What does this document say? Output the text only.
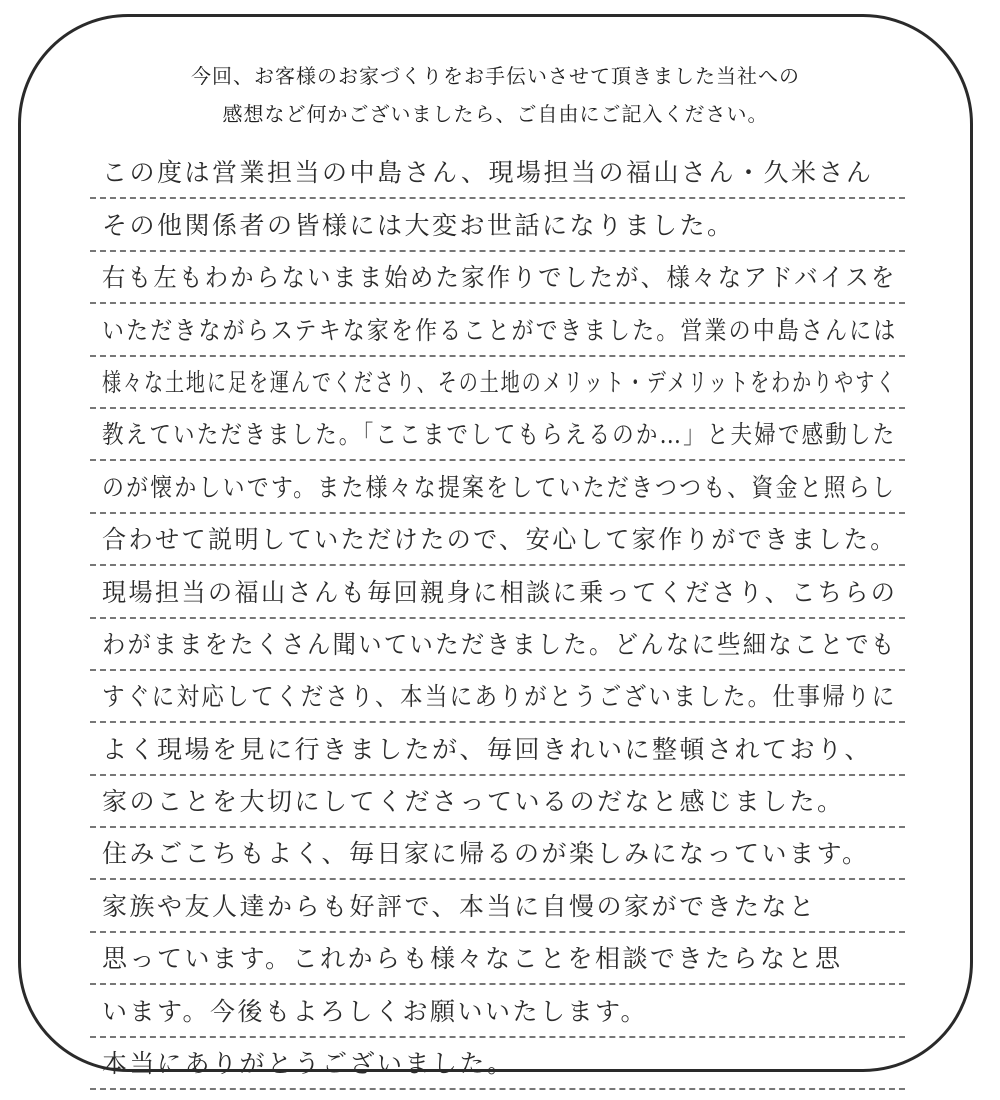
今回、お客様のお家づくりをお手伝いさせて頂きました当社への
感想など何かございましたら、ご自由にご記入ください。
この度は営業担当の中島さん、現場担当の福山さん・久米さん
その他関係者の皆様には大変お世話になりました。
右も左もわからないまま始めた家作りでしたが、様々なアドバイスを
いただきながらステキな家を作ることができました。営業の中島さんには
様々な土地に足を運んでくださり、その土地のメリット・デメリットをわかりやすく
教えていただきました。「ここまでしてもらえるのか…」と夫婦で感動した
のが懐かしいです。また様々な提案をしていただきつつも、資金と照らし
合わせて説明していただけたので、安心して家作りができました。
現場担当の福山さんも毎回親身に相談に乗ってくださり、こちらの
わがままをたくさん聞いていただきました。どんなに些細なことでも
すぐに対応してくださり、本当にありがとうございました。仕事帰りに
よく現場を見に行きましたが、毎回きれいに整頓されており、
家のことを大切にしてくださっているのだなと感じました。
住みごこちもよく、毎日家に帰るのが楽しみになっています。
家族や友人達からも好評で、本当に自慢の家ができたなと
思っています。これからも様々なことを相談できたらなと思
います。今後もよろしくお願いいたします。
本当にありがとうございました。
